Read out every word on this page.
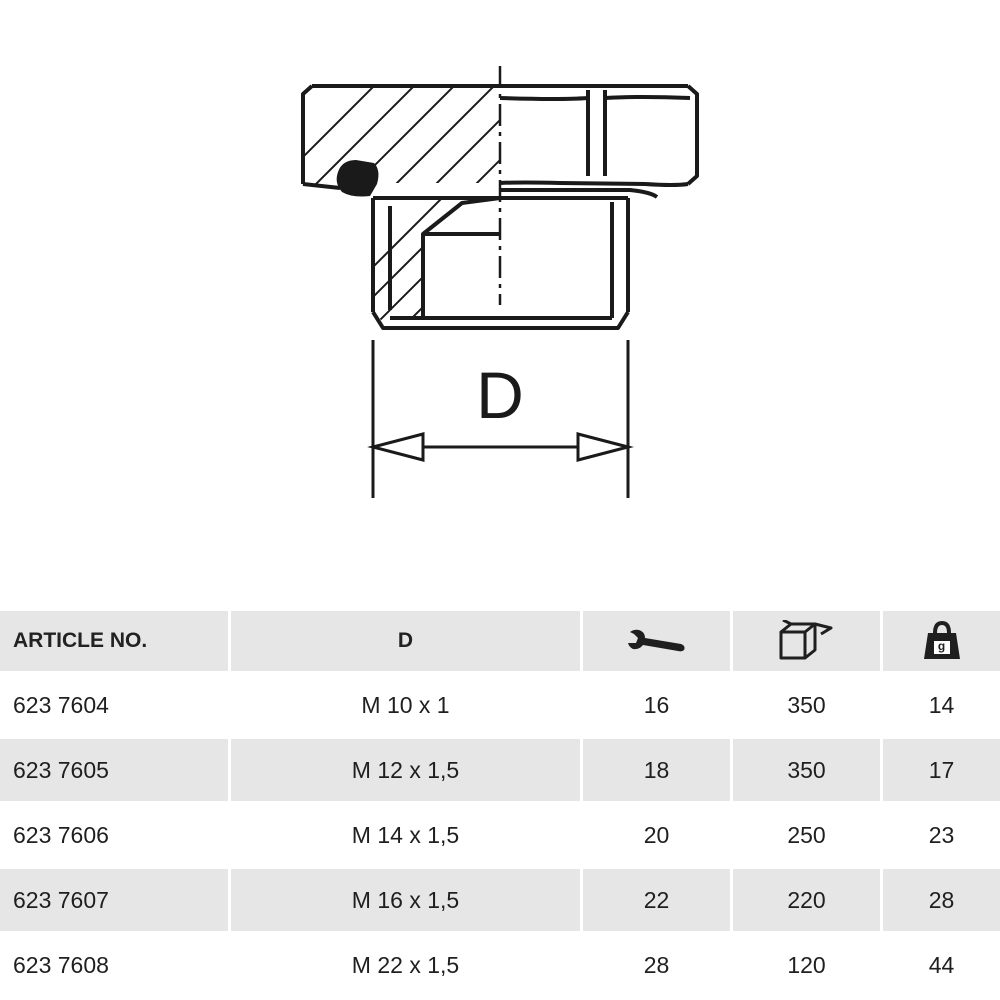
D
ARTICLE NO.	D			g

623 7604	M 10 x 1	16	350	14
623 7605	M 12 x 1,5	18	350	17
623 7606	M 14 x 1,5	20	250	23
623 7607	M 16 x 1,5	22	220	28
623 7608	M 22 x 1,5	28	120	44
